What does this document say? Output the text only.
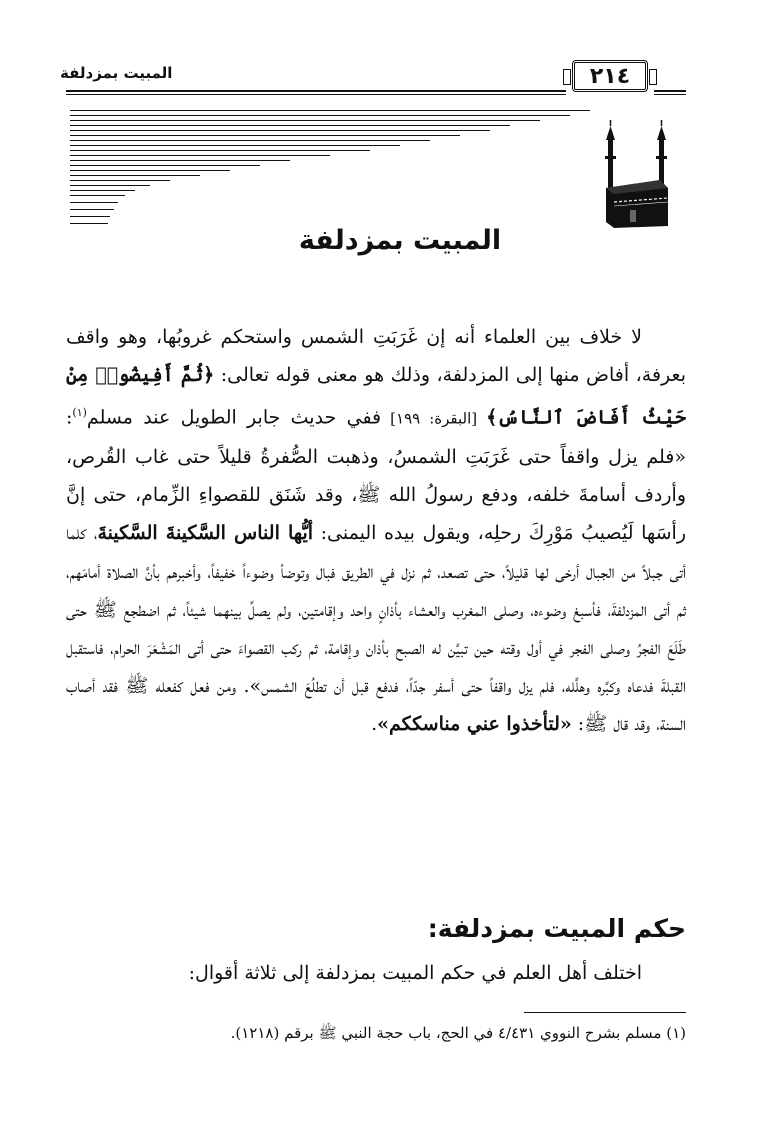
المبيت بمزدلفة	٢١٤
المبيت بمزدلفة

لا خلاف بين العلماء أنه إن غَرَبَتِ الشمس واستحكم غروبُها، وهو واقف بعرفة، أفاض منها إلى المزدلفة، وذلك هو معنى قوله تعالى: ﴿ثُمَّ أَفِيضُوا۟ مِنْ حَيْثُ أَفَاضَ ٱلنَّاسُ﴾ [البقرة: ١٩٩] ففي حديث جابر الطويل عند مسلم$^{(١)}$: «فلم يزل واقفاً حتى غَرَبَتِ الشمسُ، وذهبت الصُّفرةُ قليلاً حتى غاب القُرص، وأردف أسامةَ خلفه، ودفع رسولُ الله ﷺ، وقد شَنَق للقصواءِ الزِّمام، حتى إنَّ رأسَها لَيُصيبُ مَوْرِكَ رحلِه، ويقول بيده اليمنى: أيُّها الناس السَّكينةَ السَّكينةَ، كلما أتى جبلاً من الجبال أرخى لها قليلاً، حتى تصعد، ثم نزل في الطريق فبال وتوضأ وضوءاً خفيفاً، وأخبرهم بأنَّ الصلاة أمامَهم، ثم أتى المزدلفةَ، فأسبغ وضوءه، وصلى المغرب والعشاء بأذانٍ واحد وإقامتين، ولم يصلِّ بينهما شيئاً، ثم اضطجع ﷺ حتى طَلَعَ الفجرُ وصلى الفجر في أول وقته حين تبيَّن له الصبح بأذان وإقامة، ثم ركب القصواءَ حتى أتى المَشْعَرَ الحرام، فاستقبل القبلةَ فدعاه وكبَّره وهلَّله، فلم يزل واقفاً حتى أسفر جدّاً، فدفع قبل أن تطلُعَ الشمس». ومن فعل كفعله ﷺ فقد أصاب السنة، وقد قال ﷺ: «لتأخذوا عني مناسككم».

حكم المبيت بمزدلفة:
اختلف أهل العلم في حكم المبيت بمزدلفة إلى ثلاثة أقوال:
(١) مسلم بشرح النووي ٤/٤٣١ في الحج، باب حجة النبي ﷺ برقم (١٢١٨).
